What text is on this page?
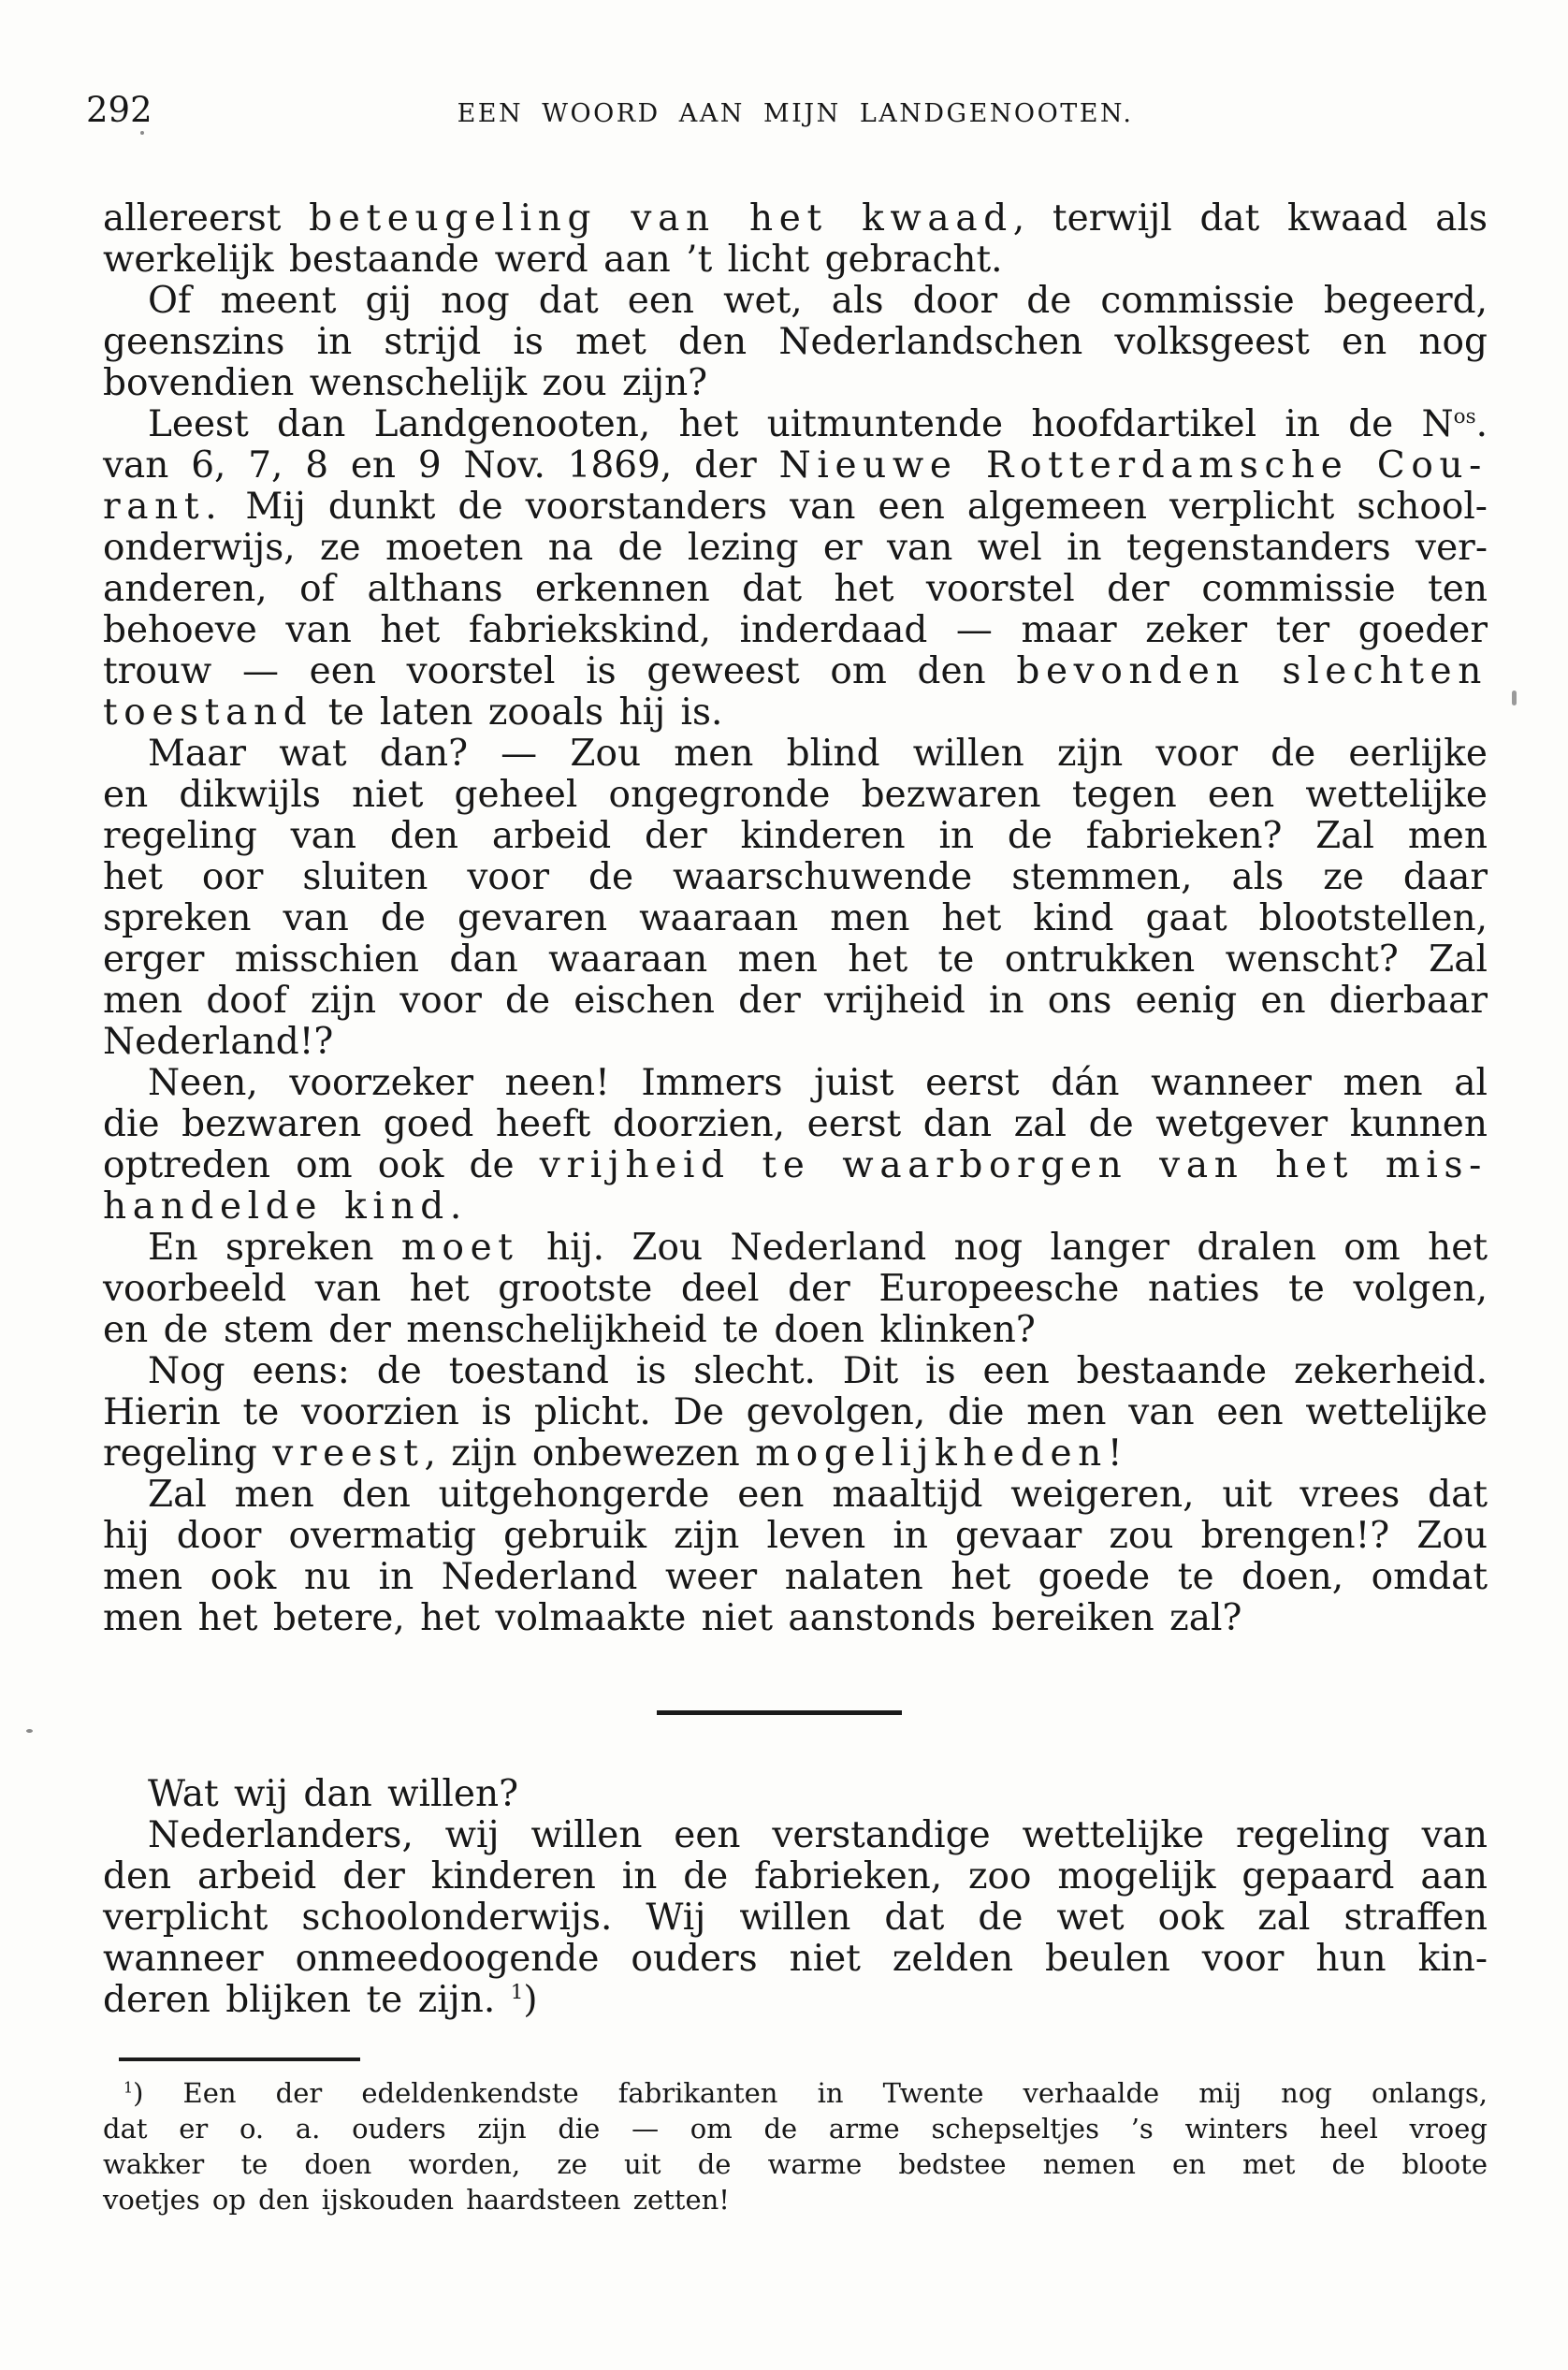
292	EEN WOORD AAN MIJN LANDGENOOTEN.
allereerst beteugeling van het kwaad, terwijl dat kwaad als
werkelijk bestaande werd aan ’t licht gebracht.
Of meent gij nog dat een wet, als door de commissie begeerd,
geenszins in strijd is met den Nederlandschen volksgeest en nog
bovendien wenschelijk zou zijn?
Leest dan Landgenooten, het uitmuntende hoofdartikel in de $N^{os}$.
van 6, 7, 8 en 9 Nov. 1869, der Nieuwe Rotterdamsche Cou-
rant. Mij dunkt de voorstanders van een algemeen verplicht school-
onderwijs, ze moeten na de lezing er van wel in tegenstanders ver-
anderen, of althans erkennen dat het voorstel der commissie ten
behoeve van het fabriekskind, inderdaad — maar zeker ter goeder
trouw — een voorstel is geweest om den bevonden slechten
toestand te laten zooals hij is.
Maar wat dan? — Zou men blind willen zijn voor de eerlijke
en dikwijls niet geheel ongegronde bezwaren tegen een wettelijke
regeling van den arbeid der kinderen in de fabrieken? Zal men
het oor sluiten voor de waarschuwende stemmen, als ze daar
spreken van de gevaren waaraan men het kind gaat blootstellen,
erger misschien dan waaraan men het te ontrukken wenscht? Zal
men doof zijn voor de eischen der vrijheid in ons eenig en dierbaar
Nederland!?
Neen, voorzeker neen! Immers juist eerst dán wanneer men al
die bezwaren goed heeft doorzien, eerst dan zal de wetgever kunnen
optreden om ook de vrijheid te waarborgen van het mis-
handelde kind.
En spreken moet hij. Zou Nederland nog langer dralen om het
voorbeeld van het grootste deel der Europeesche naties te volgen,
en de stem der menschelijkheid te doen klinken?
Nog eens: de toestand is slecht. Dit is een bestaande zekerheid.
Hierin te voorzien is plicht. De gevolgen, die men van een wettelijke
regeling vreest, zijn onbewezen mogelijkheden!
Zal men den uitgehongerde een maaltijd weigeren, uit vrees dat
hij door overmatig gebruik zijn leven in gevaar zou brengen!? Zou
men ook nu in Nederland weer nalaten het goede te doen, omdat
men het betere, het volmaakte niet aanstonds bereiken zal?
Wat wij dan willen?
Nederlanders, wij willen een verstandige wettelijke regeling van
den arbeid der kinderen in de fabrieken, zoo mogelijk gepaard aan
verplicht schoolonderwijs. Wij willen dat de wet ook zal straffen
wanneer onmeedoogende ouders niet zelden beulen voor hun kin-
deren blijken te zijn. $^1$)
$^1$) Een der edeldenkendste fabrikanten in Twente verhaalde mij nog onlangs,
dat er o. a. ouders zijn die — om de arme schepseltjes ’s winters heel vroeg
wakker te doen worden, ze uit de warme bedstee nemen en met de bloote
voetjes op den ijskouden haardsteen zetten!
